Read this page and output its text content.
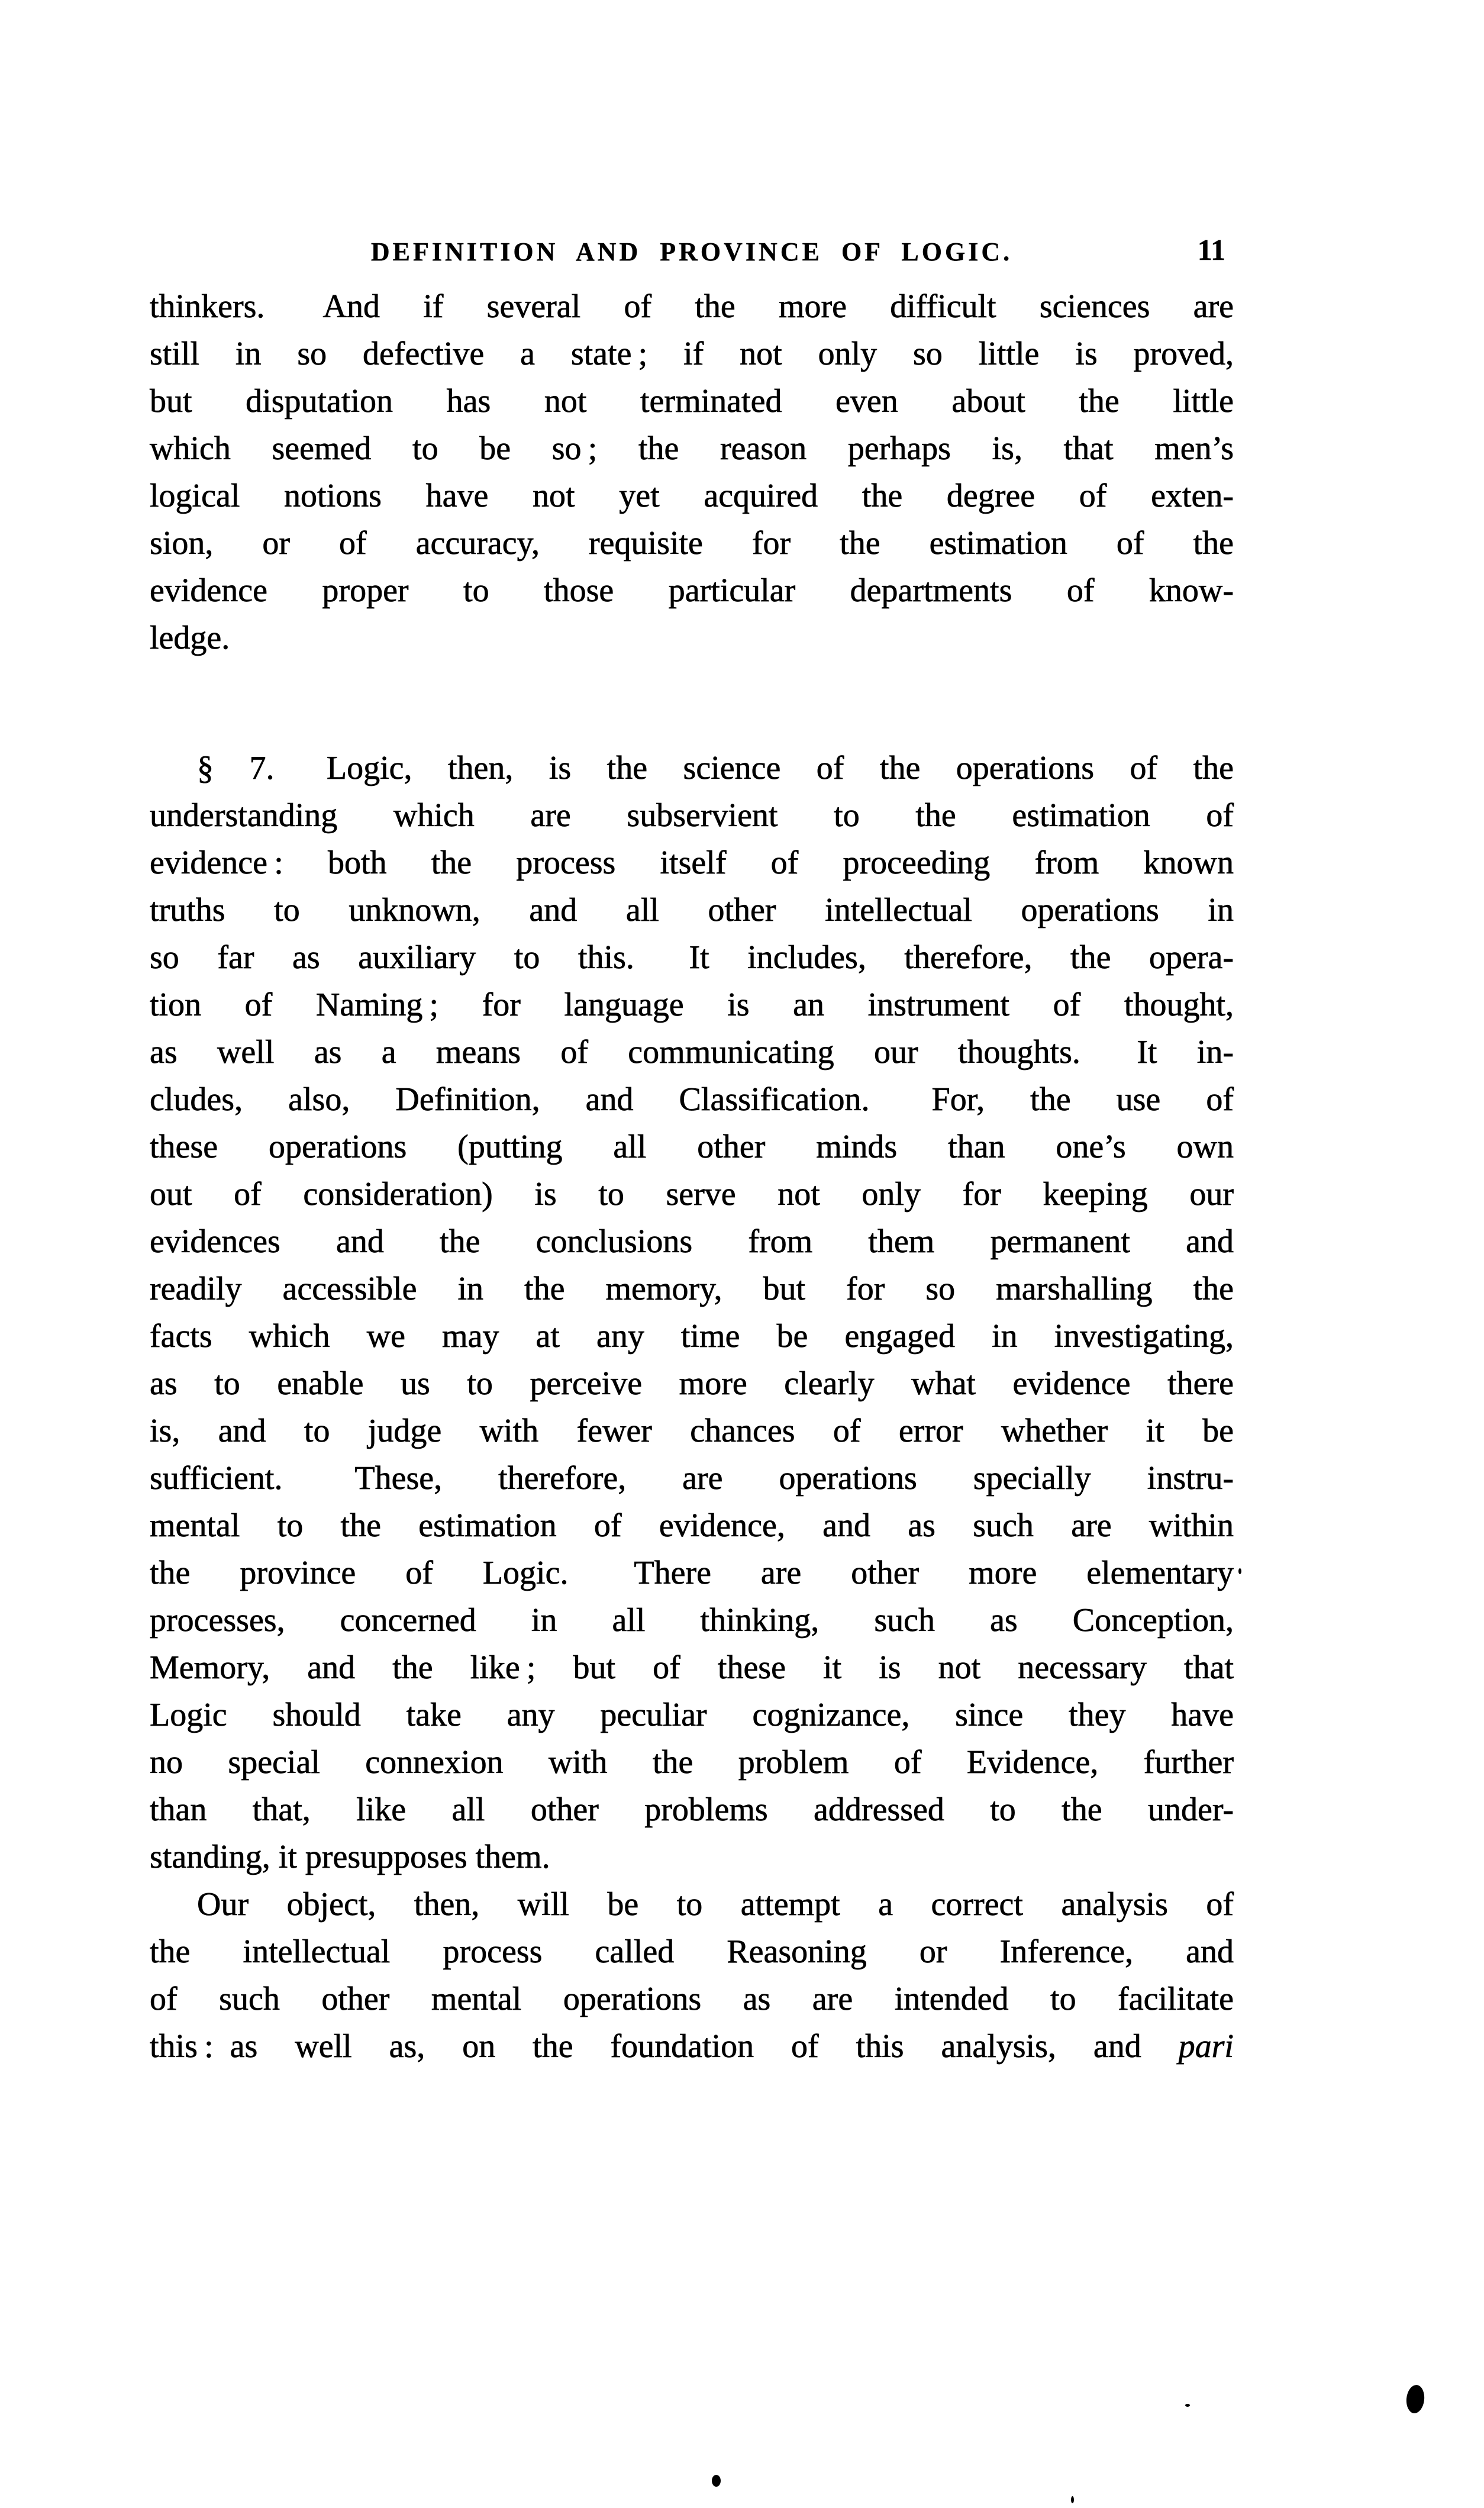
DEFINITION AND PROVINCE OF LOGIC.	11
thinkers.  And if several of the more difficult sciences are
still in so defective a state ; if not only so little is proved,
but disputation has not terminated even about the little
which seemed to be so ; the reason perhaps is, that men’s
logical notions have not yet acquired the degree of exten-
sion, or of accuracy, requisite for the estimation of the
evidence proper to those particular departments of know-
ledge.
§ 7.  Logic, then, is the science of the operations of the
understanding which are subservient to the estimation of
evidence : both the process itself of proceeding from known
truths to unknown, and all other intellectual operations in
so far as auxiliary to this.  It includes, therefore, the opera-
tion of Naming ; for language is an instrument of thought,
as well as a means of communicating our thoughts.  It in-
cludes, also, Definition, and Classification.  For, the use of
these operations (putting all other minds than one’s own
out of consideration) is to serve not only for keeping our
evidences and the conclusions from them permanent and
readily accessible in the memory, but for so marshalling the
facts which we may at any time be engaged in investigating,
as to enable us to perceive more clearly what evidence there
is, and to judge with fewer chances of error whether it be
sufficient.  These, therefore, are operations specially instru-
mental to the estimation of evidence, and as such are within
the province of Logic.  There are other more elementary
processes, concerned in all thinking, such as Conception,
Memory, and the like ; but of these it is not necessary that
Logic should take any peculiar cognizance, since they have
no special connexion with the problem of Evidence, further
than that, like all other problems addressed to the under-
standing, it presupposes them.
Our object, then, will be to attempt a correct analysis of
the intellectual process called Reasoning or Inference, and
of such other mental operations as are intended to facilitate
this : as well as, on the foundation of this analysis, and pari
